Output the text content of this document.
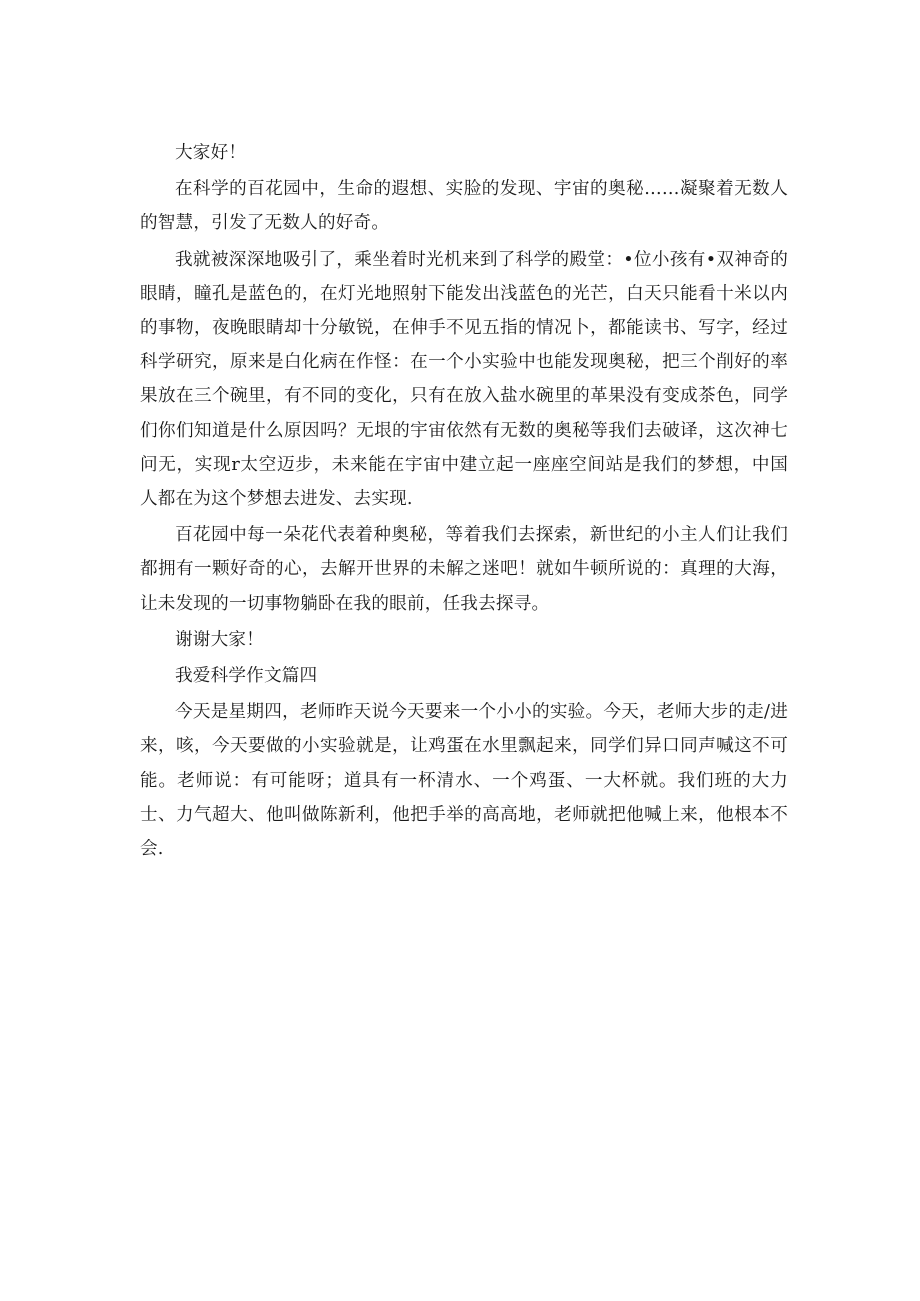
大家好！

在科学的百花园中，生命的遐想、实脸的发现、宇宙的奥秘……凝聚着无数人的智慧，引发了无数人的好奇。

我就被深深地吸引了，乘坐着时光机来到了科学的殿堂：•位小孩有•双神奇的眼睛，瞳孔是蓝色的，在灯光地照射下能发出浅蓝色的光芒，白天只能看十米以内的事物，夜晚眼睛却十分敏锐，在伸手不见五指的情况卜，都能读书、写字，经过科学研究，原来是白化病在作怪：在一个小实验中也能发现奥秘，把三个削好的率果放在三个碗里，有不同的变化，只有在放入盐水碗里的革果没有变成茶色，同学们你们知道是什么原因吗？无垠的宇宙依然有无数的奥秘等我们去破译，这次神七问无，实现r太空迈步，未来能在宇宙中建立起一座座空间站是我们的梦想，中国人都在为这个梦想去进发、去实现.

百花园中每一朵花代表着种奥秘，等着我们去探索，新世纪的小主人们让我们都拥有一颗好奇的心，去解开世界的未解之迷吧！就如牛顿所说的：真理的大海，让未发现的一切事物躺卧在我的眼前，任我去探寻。

谢谢大家！

我爱科学作文篇四

今天是星期四，老师昨天说今天要来一个小小的实验。今天，老师大步的走/进来，咳，今天要做的小实验就是，让鸡蛋在水里飘起来，同学们异口同声喊这不可能。老师说：有可能呀；道具有一杯清水、一个鸡蛋、一大杯就。我们班的大力士、力气超大、他叫做陈新利，他把手举的高高地，老师就把他喊上来，他根本不会.
